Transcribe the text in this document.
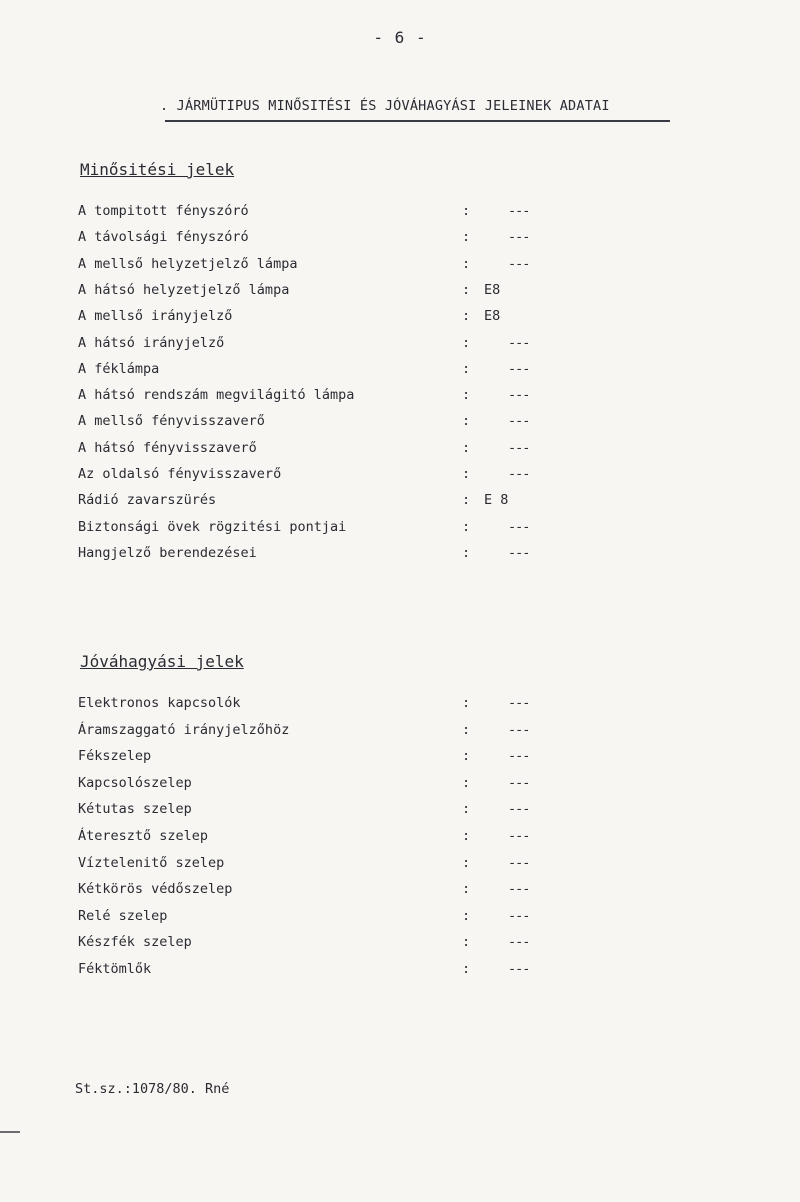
- 6 -
. JÁRMÜTIPUS MINŐSITÉSI ÉS JÓVÁHAGYÁSI JELEINEK ADATAI
Minősitési jelek
A tompitott fényszóró	:	---
A távolsági fényszóró	:	---
A mellső helyzetjelző lámpa	:	---
A hátsó helyzetjelző lámpa	: E8
A mellső irányjelző	: E8
A hátsó irányjelző	:	---
A féklámpa	:	---
A hátsó rendszám megvilágitó lámpa	:	---
A mellső fényvisszaverő	:	---
A hátsó fényvisszaverő	:	---
Az oldalsó fényvisszaverő	:	---
Rádió zavarszürés	: E 8
Biztonsági övek rögzitési pontjai	:	---
Hangjelző berendezései	:	---
Jóváhagyási jelek
Elektronos kapcsolók	:	---
Áramszaggató irányjelzőhöz	:	---
Fékszelep	:	---
Kapcsolószelep	:	---
Kétutas szelep	:	---
Áteresztő szelep	:	---
Víztelenitő szelep	:	---
Kétkörös védőszelep	:	---
Relé szelep	:	---
Készfék szelep	:	---
Féktömlők	:	---
St.sz.:1078/80. Rné
